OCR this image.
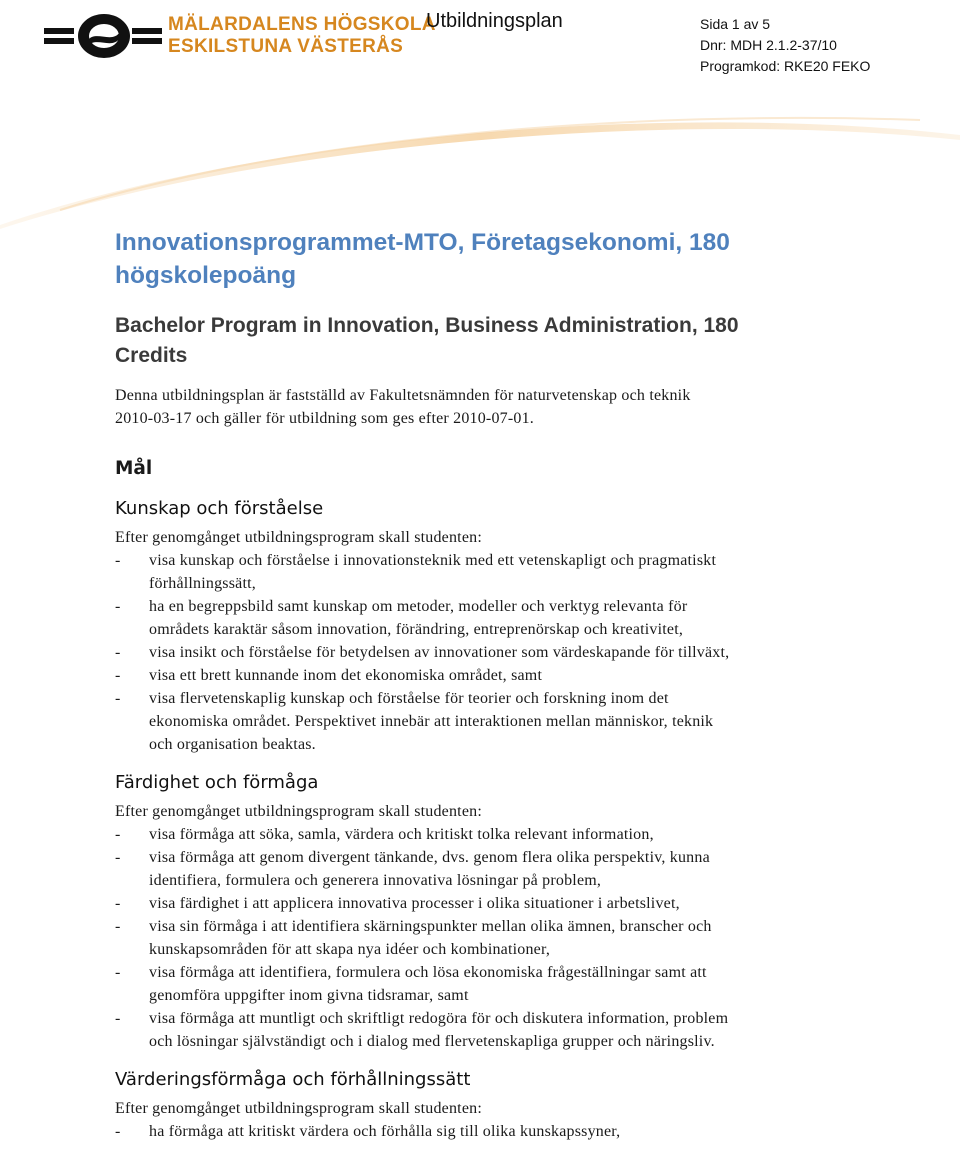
MÄLARDALENS HÖGSKOLA
ESKILSTUNA VÄSTERÅS
Utbildningsplan	Sida 1 av 5
Dnr: MDH 2.1.2-37/10
Programkod: RKE20 FEKO
Innovationsprogrammet-MTO, Företagsekonomi, 180
högskolepoäng
Bachelor Program in Innovation, Business Administration, 180
Credits
Denna utbildningsplan är fastställd av Fakultetsnämnden för naturvetenskap och teknik
2010-03-17 och gäller för utbildning som ges efter 2010-07-01.
Mål
Kunskap och förståelse
Efter genomgånget utbildningsprogram skall studenten:
- visa kunskap och förståelse i innovationsteknik med ett vetenskapligt och pragmatiskt
förhållningssätt,
- ha en begreppsbild samt kunskap om metoder, modeller och verktyg relevanta för
områdets karaktär såsom innovation, förändring, entreprenörskap och kreativitet,
- visa insikt och förståelse för betydelsen av innovationer som värdeskapande för tillväxt,
- visa ett brett kunnande inom det ekonomiska området, samt
- visa flervetenskaplig kunskap och förståelse för teorier och forskning inom det
ekonomiska området. Perspektivet innebär att interaktionen mellan människor, teknik
och organisation beaktas.
Färdighet och förmåga
Efter genomgånget utbildningsprogram skall studenten:
- visa förmåga att söka, samla, värdera och kritiskt tolka relevant information,
- visa förmåga att genom divergent tänkande, dvs. genom flera olika perspektiv, kunna
identifiera, formulera och generera innovativa lösningar på problem,
- visa färdighet i att applicera innovativa processer i olika situationer i arbetslivet,
- visa sin förmåga i att identifiera skärningspunkter mellan olika ämnen, branscher och
kunskapsområden för att skapa nya idéer och kombinationer,
- visa förmåga att identifiera, formulera och lösa ekonomiska frågeställningar samt att
genomföra uppgifter inom givna tidsramar, samt
- visa förmåga att muntligt och skriftligt redogöra för och diskutera information, problem
och lösningar självständigt och i dialog med flervetenskapliga grupper och näringsliv.
Värderingsförmåga och förhållningssätt
Efter genomgånget utbildningsprogram skall studenten:
- ha förmåga att kritiskt värdera och förhålla sig till olika kunskapssyner,
